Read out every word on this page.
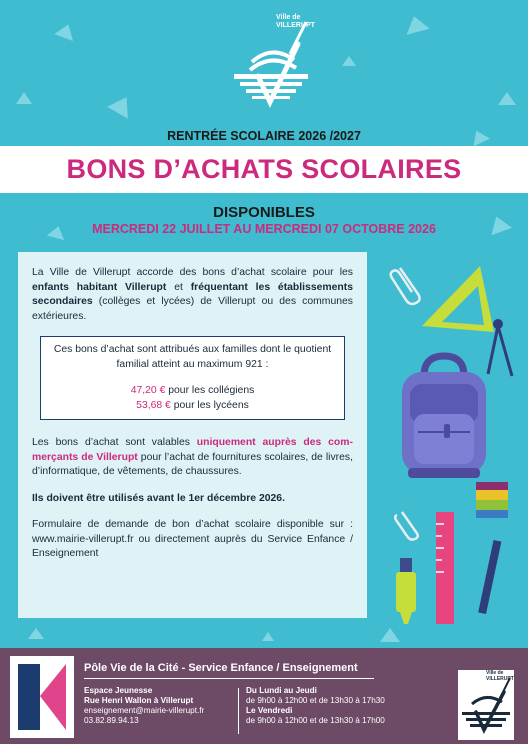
Ville de
VILLERUPT
RENTRÉE SCOLAIRE 2026 /2027
BONS D’ACHATS SCOLAIRES
DISPONIBLES
MERCREDI 22 JUILLET AU MERCREDI 07 OCTOBRE 2026

La Ville de Villerupt accorde des bons d’achat scolaire pour les enfants habitant Villerupt et fréquentant les établissements secondaires (collèges et lycées) de Villerupt ou des communes extérieures.

Ces bons d’achat sont attribués aux familles dont le quotient familial atteint au maximum 921 :
47,20 € pour les collégiens
53,68 € pour les lycéens

Les bons d’achat sont valables uniquement auprès des commerçants de Villerupt pour l’achat de fournitures scolaires, de livres, d’informatique, de vêtements, de chaussures.

Ils doivent être utilisés avant le 1er décembre 2026.

Formulaire de demande de bon d’achat scolaire disponible sur : www.mairie-villerupt.fr ou directement auprès du Service Enfance / Enseignement

Pôle Vie de la Cité - Service Enfance / Enseignement
Espace Jeunesse
Rue Henri Wallon à Villerupt
enseignement@mairie-villerupt.fr
03.82.89.94.13
Du Lundi au Jeudi
de 9h00 à 12h00 et de 13h30 à 17h30
Le Vendredi
de 9h00 à 12h00 et de 13h30 à 17h00
Ville de
VILLERUPT
